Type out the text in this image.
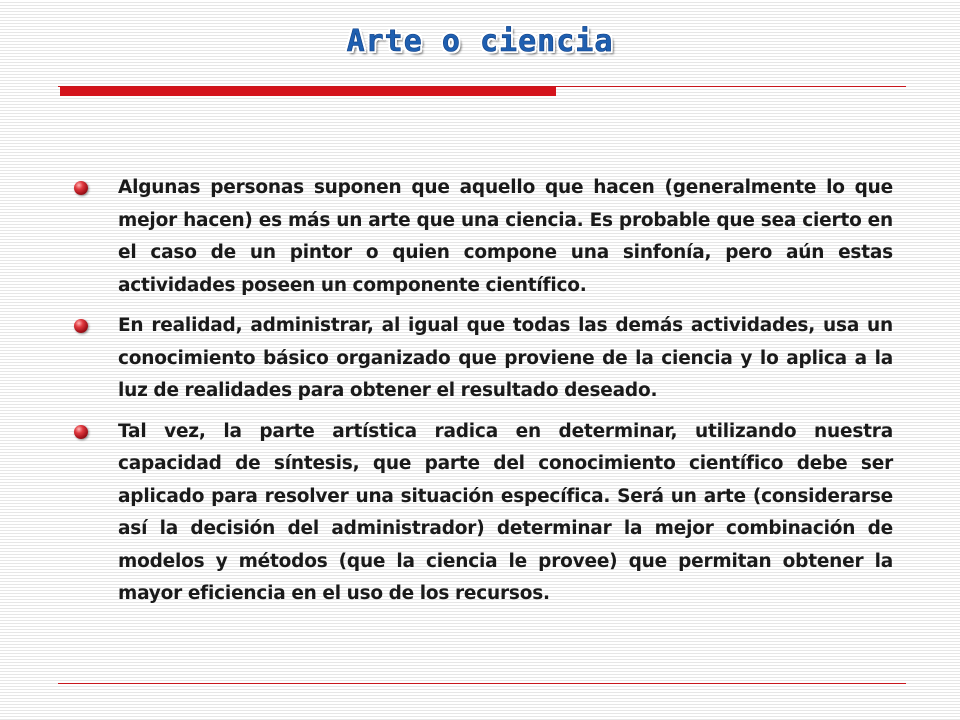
Arte o ciencia
Algunas personas suponen que aquello que hacen (generalmente lo que mejor hacen) es más un arte que una ciencia. Es probable que sea cierto en el caso de un pintor o quien compone una sinfonía, pero aún estas actividades poseen un componente científico.
En realidad, administrar, al igual que todas las demás actividades, usa un conocimiento básico organizado que proviene de la ciencia y lo aplica a la luz de realidades para obtener el resultado deseado.
Tal vez, la parte artística radica en determinar, utilizando nuestra capacidad de síntesis, que parte del conocimiento científico debe ser aplicado para resolver una situación específica. Será un arte (considerarse así la decisión del administrador) determinar la mejor combinación de modelos y métodos (que la ciencia le provee) que permitan obtener la mayor eficiencia en el uso de los recursos.
